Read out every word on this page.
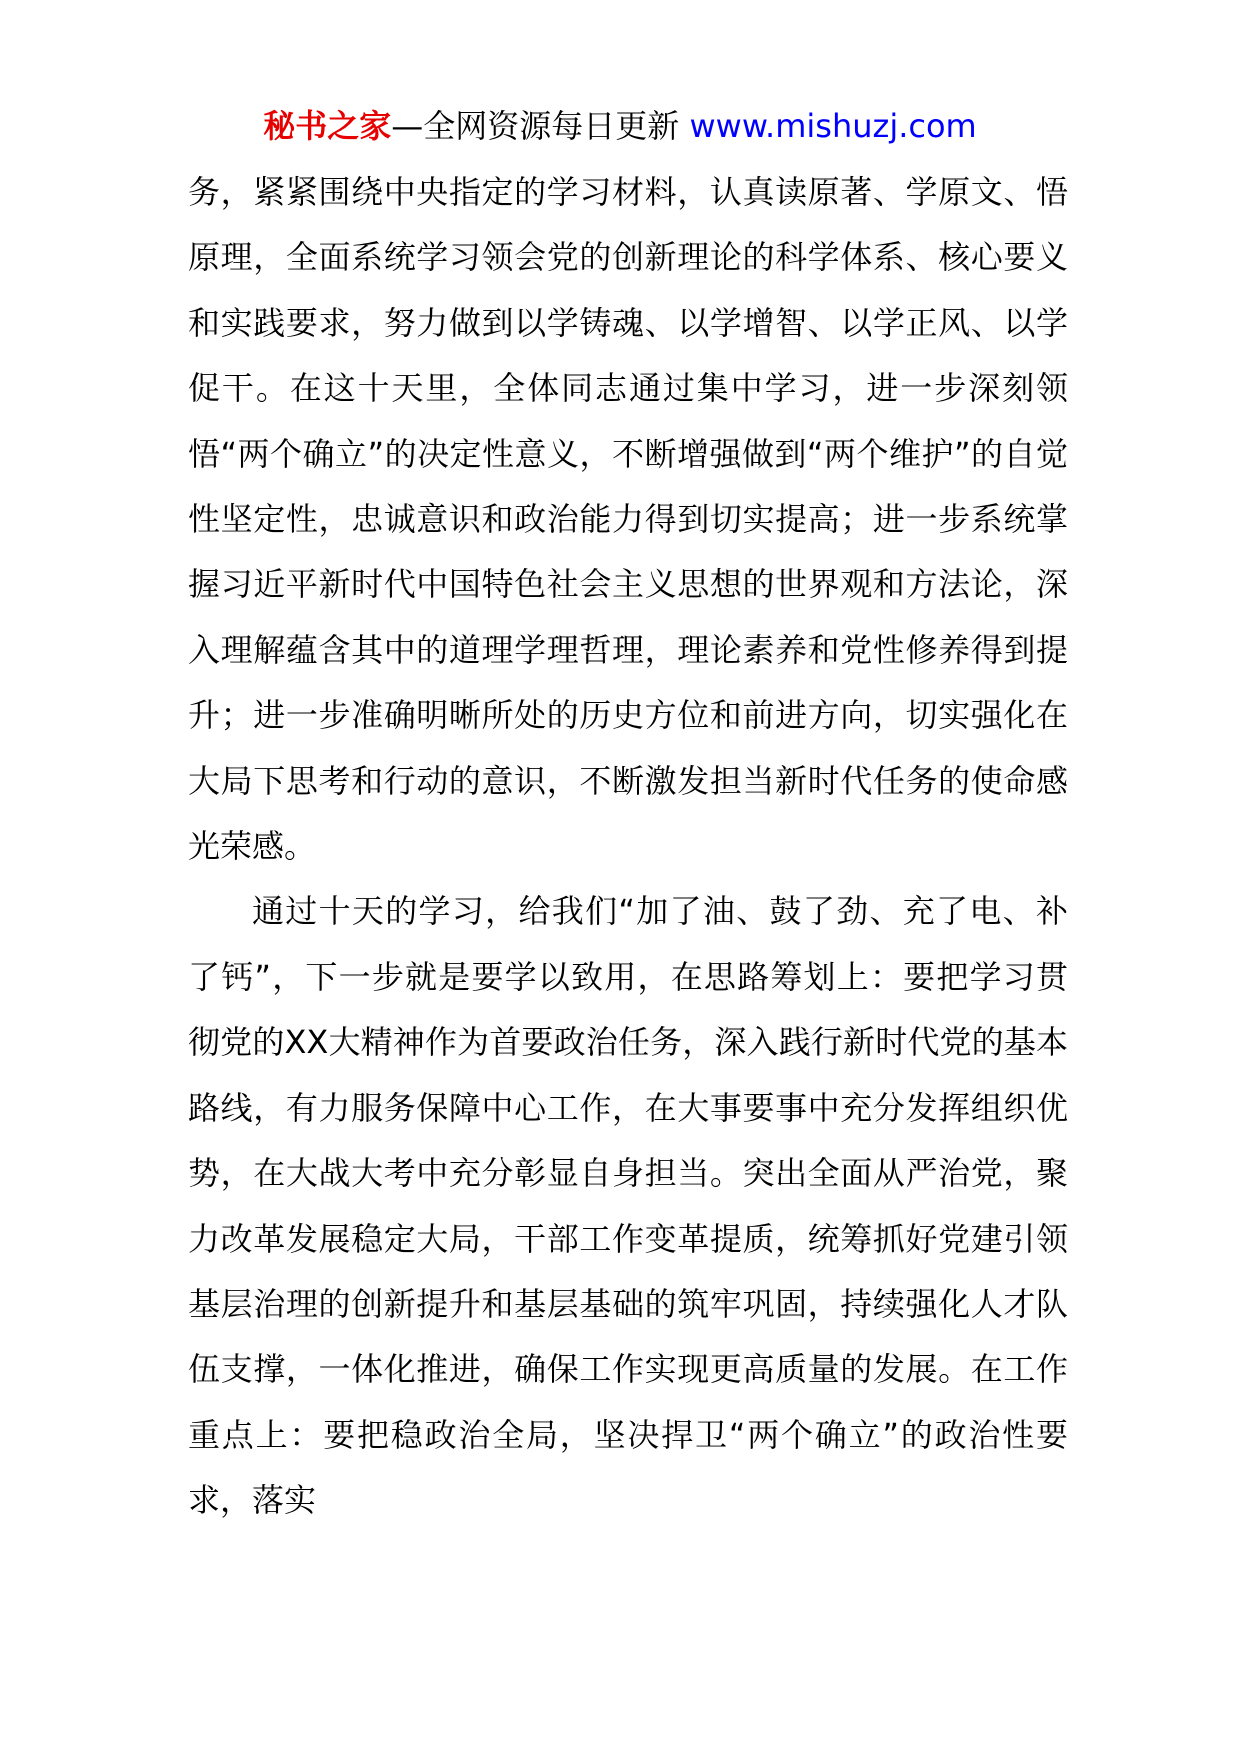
秘书之家—全网资源每日更新 www.mishuzj.com

务，紧紧围绕中央指定的学习材料，认真读原著、学原文、悟原理，全面系统学习领会党的创新理论的科学体系、核心要义和实践要求，努力做到以学铸魂、以学增智、以学正风、以学促干。在这十天里，全体同志通过集中学习，进一步深刻领悟“两个确立”的决定性意义，不断增强做到“两个维护”的自觉性坚定性，忠诚意识和政治能力得到切实提高；进一步系统掌握习近平新时代中国特色社会主义思想的世界观和方法论，深入理解蕴含其中的道理学理哲理，理论素养和党性修养得到提升；进一步准确明晰所处的历史方位和前进方向，切实强化在大局下思考和行动的意识，不断激发担当新时代任务的使命感光荣感。

通过十天的学习，给我们“加了油、鼓了劲、充了电、补了钙”，下一步就是要学以致用，在思路筹划上：要把学习贯彻党的XX大精神作为首要政治任务，深入践行新时代党的基本路线，有力服务保障中心工作，在大事要事中充分发挥组织优势，在大战大考中充分彰显自身担当。突出全面从严治党，聚力改革发展稳定大局，干部工作变革提质，统筹抓好党建引领基层治理的创新提升和基层基础的筑牢巩固，持续强化人才队伍支撑，一体化推进，确保工作实现更高质量的发展。在工作重点上：要把稳政治全局，坚决捍卫“两个确立”的政治性要求，落实
